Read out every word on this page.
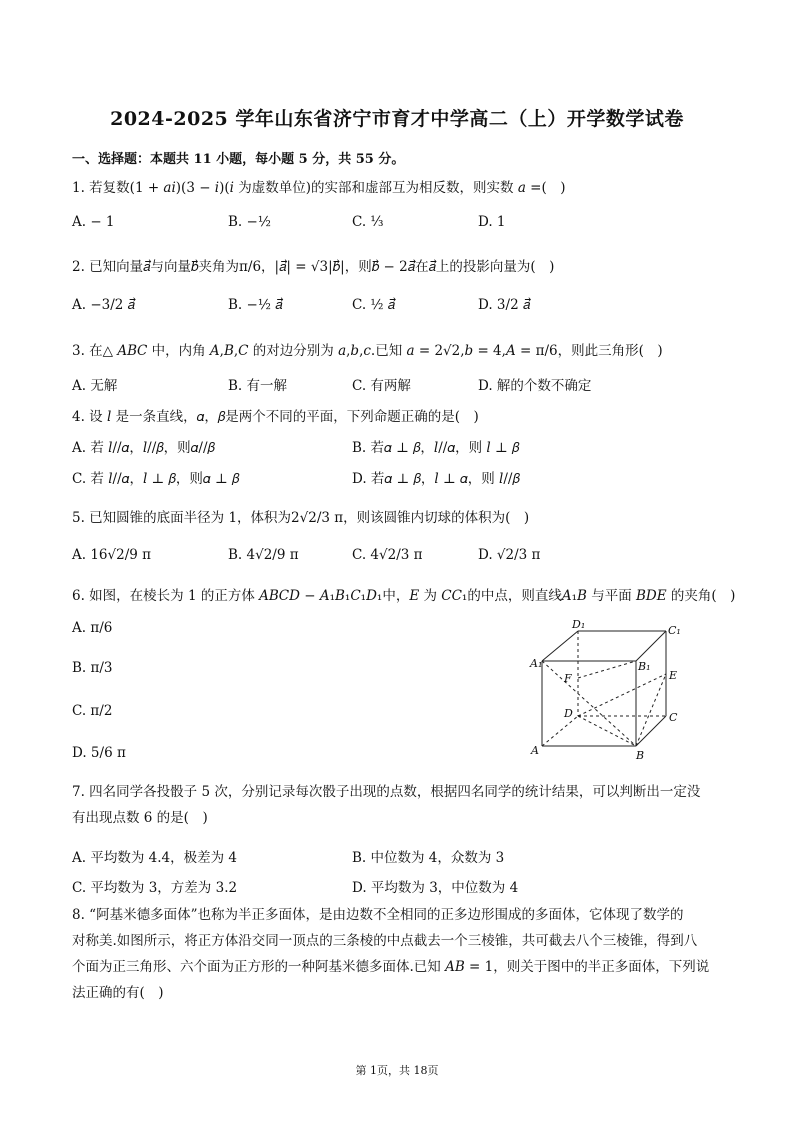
2024-2025 学年山东省济宁市育才中学高二（上）开学数学试卷
一、选择题：本题共 11 小题，每小题 5 分，共 55 分。
1. 若复数(1 + 𝑎𝑖)(3 − 𝑖)(𝑖 为虚数单位)的实部和虚部互为相反数，则实数 𝑎 =(　)
A. − 1	B. −½	C. ⅓	D. 1
2. 已知向量𝑎⃗与向量𝑏⃗夹角为π/6，|𝑎⃗| = √3|𝑏⃗|，则𝑏⃗ − 2𝑎⃗在𝑎⃗上的投影向量为(　)
A. −3/2 𝑎⃗	B. −½ 𝑎⃗	C. ½ 𝑎⃗	D. 3/2 𝑎⃗
3. 在△ 𝐴𝐵𝐶 中，内角 𝐴,𝐵,𝐶 的对边分别为 𝑎,𝑏,𝑐.已知 𝑎 = 2√2,𝑏 = 4,𝐴 = π/6，则此三角形(　)
A. 无解	B. 有一解	C. 有两解	D. 解的个数不确定
4. 设 𝑙 是一条直线，𝛼，𝛽是两个不同的平面，下列命题正确的是(　)
A. 若 𝑙//𝛼，𝑙//𝛽，则𝛼//𝛽	B. 若𝛼 ⊥ 𝛽，𝑙//𝛼，则 𝑙 ⊥ 𝛽
C. 若 𝑙//𝛼，𝑙 ⊥ 𝛽，则𝛼 ⊥ 𝛽	D. 若𝛼 ⊥ 𝛽，𝑙 ⊥ 𝛼，则 𝑙//𝛽
5. 已知圆锥的底面半径为 1，体积为2√2/3 π，则该圆锥内切球的体积为(　)
A. 16√2/9 π	B. 4√2/9 π	C. 4√2/3 π	D. √2/3 π
6. 如图，在棱长为 1 的正方体 𝐴𝐵𝐶𝐷 − 𝐴₁𝐵₁𝐶₁𝐷₁中，𝐸 为 𝐶𝐶₁的中点，则直线𝐴₁𝐵 与平面 𝐵𝐷𝐸 的夹角(　)
A. π/6
B. π/3
C. π/2
D. 5/6 π
D₁	C₁
A₁	B₁
F	E
D	C
A	B
7. 四名同学各投骰子 5 次，分别记录每次骰子出现的点数，根据四名同学的统计结果，可以判断出一定没
有出现点数 6 的是(　)
A. 平均数为 4.4，极差为 4	B. 中位数为 4，众数为 3
C. 平均数为 3，方差为 3.2	D. 平均数为 3，中位数为 4
8. “阿基米德多面体”也称为半正多面体，是由边数不全相同的正多边形围成的多面体，它体现了数学的
对称美.如图所示，将正方体沿交同一顶点的三条棱的中点截去一个三棱锥，共可截去八个三棱锥，得到八
个面为正三角形、六个面为正方形的一种阿基米德多面体.已知 𝐴𝐵 = 1，则关于图中的半正多面体，下列说
法正确的有(　)
第 1页，共 18页
